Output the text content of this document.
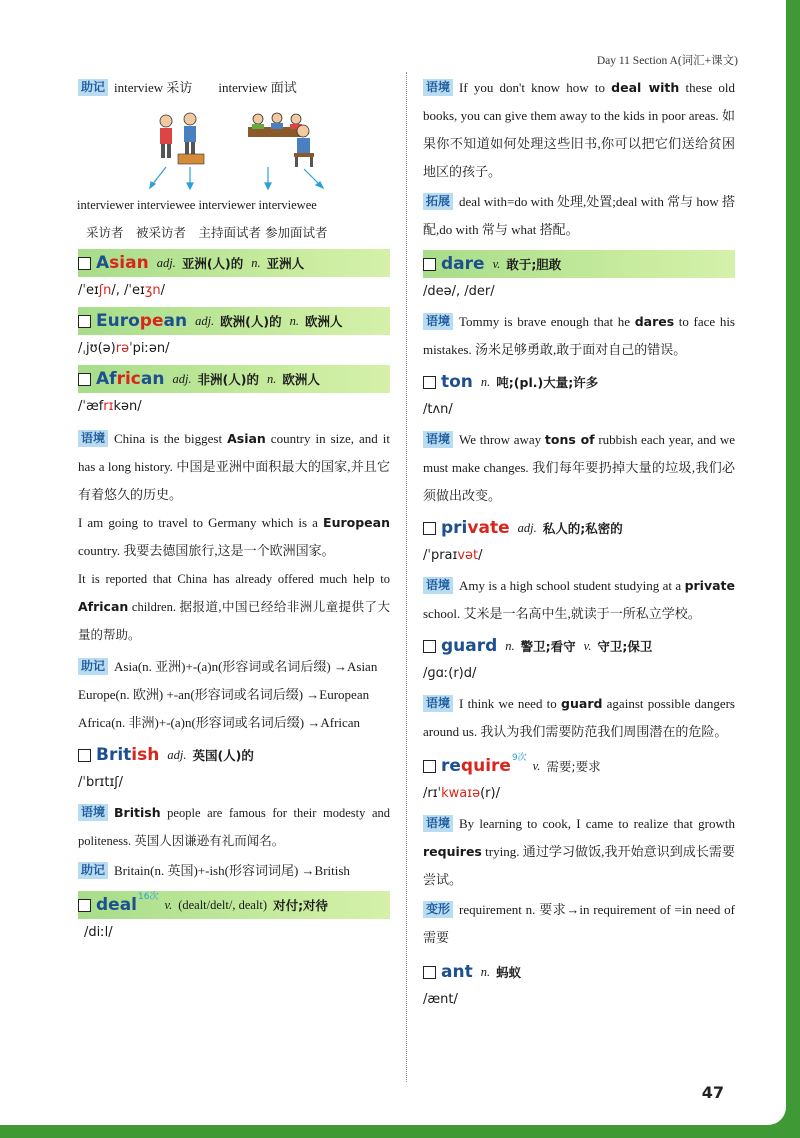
Day 11 Section A(词汇+课文)

助记 interview 采访　　interview 面试

interviewer interviewee interviewer interviewee

采访者　被采访者　主持面试者 参加面试者

Asian adj. 亚洲(人)的 n. 亚洲人

/ˈeɪʃn/, /ˈeɪʒn/

European adj. 欧洲(人)的 n. 欧洲人

/ˌjʊ(ə)rəˈpiːən/

African adj. 非洲(人)的 n. 欧洲人

/ˈæfrɪkən/

语境 China is the biggest Asian country in size, and it has a long history. 中国是亚洲中面积最大的国家,并且它有着悠久的历史。

I am going to travel to Germany which is a European country. 我要去德国旅行,这是一个欧洲国家。

It is reported that China has already offered much help to African children. 据报道,中国已经给非洲儿童提供了大量的帮助。

助记 Asia(n. 亚洲)+-(a)n(形容词或名词后缀) →Asian

Europe(n. 欧洲) +-an(形容词或名词后缀) →European

Africa(n. 非洲)+-(a)n(形容词或名词后缀) →African

British adj. 英国(人)的

/ˈbrɪtɪʃ/

语境 British people are famous for their modesty and politeness. 英国人因谦逊有礼而闻名。

助记 Britain(n. 英国)+-ish(形容词词尾) →British

deal 16次
v. (dealt/delt/, dealt) 对付;对待

/diːl/

语境 If you don't know how to deal with these old books, you can give them away to the kids in poor areas. 如果你不知道如何处理这些旧书,你可以把它们送给贫困地区的孩子。

拓展 deal with=do with 处理,处置;deal with 常与 how 搭配,do with 常与 what 搭配。

dare v. 敢于;胆敢

/deə/, /der/

语境 Tommy is brave enough that he dares to face his mistakes. 汤米足够勇敢,敢于面对自己的错误。

ton n. 吨;(pl.)大量;许多

/tʌn/

语境 We throw away tons of rubbish each year, and we must make changes. 我们每年要扔掉大量的垃圾,我们必须做出改变。

private adj. 私人的;私密的

/ˈpraɪvət/

语境 Amy is a high school student studying at a private school. 艾米是一名高中生,就读于一所私立学校。

guard n. 警卫;看守 v. 守卫;保卫

/ɡɑː(r)d/

语境 I think we need to guard against possible dangers around us. 我认为我们需要防范我们周围潜在的危险。

require 9次
v. 需要;要求

/rɪˈkwaɪə(r)/

语境 By learning to cook, I came to realize that growth requires trying. 通过学习做饭,我开始意识到成长需要尝试。

变形 requirement n. 要求→in requirement of =in need of 需要

ant n. 蚂蚁

/ænt/

47
